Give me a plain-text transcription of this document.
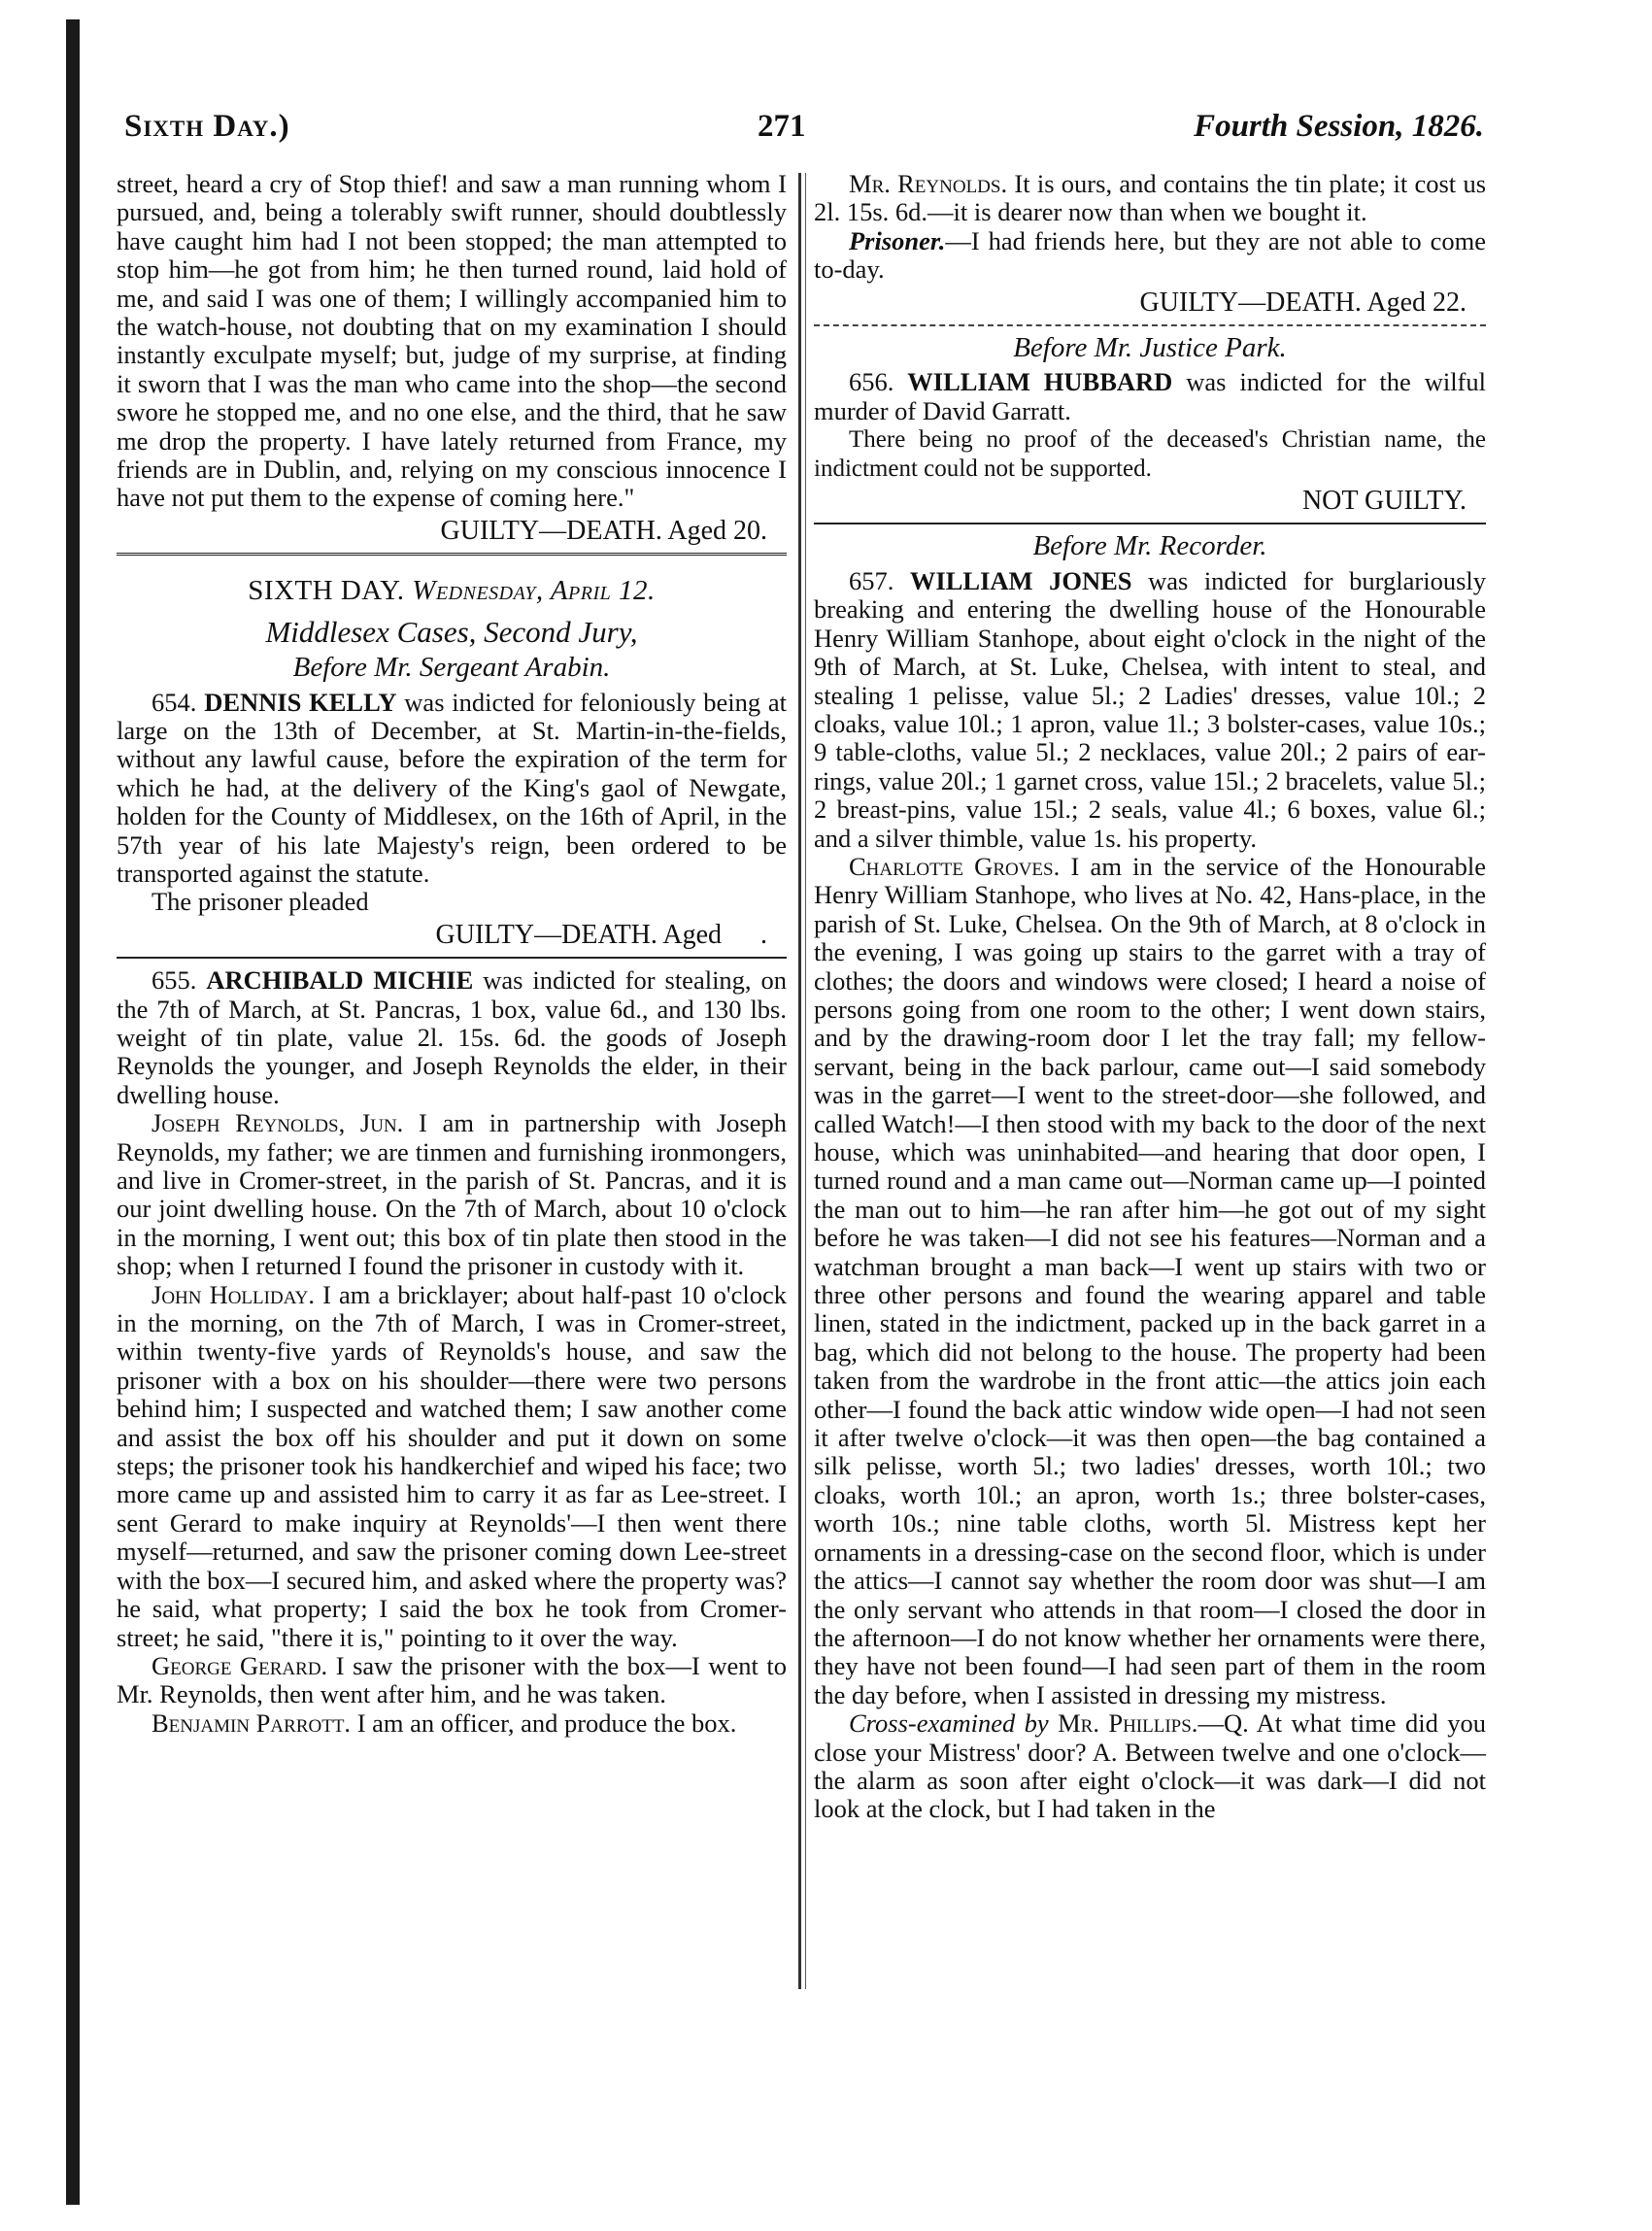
Sixth Day.)	271	Fourth Session, 1826.

street, heard a cry of Stop thief! and saw a man running whom I pursued, and, being a tolerably swift runner, should doubtlessly have caught him had I not been stopped; the man attempted to stop him—he got from him; he then turned round, laid hold of me, and said I was one of them; I willingly accompanied him to the watch-house, not doubting that on my examination I should instantly exculpate myself; but, judge of my surprise, at finding it sworn that I was the man who came into the shop—the second swore he stopped me, and no one else, and the third, that he saw me drop the property. I have lately returned from France, my friends are in Dublin, and, relying on my conscious innocence I have not put them to the expense of coming here."

GUILTY—DEATH. Aged 20.

SIXTH DAY. Wednesday, April 12.

Middlesex Cases, Second Jury,

Before Mr. Sergeant Arabin.

654. DENNIS KELLY was indicted for feloniously being at large on the 13th of December, at St. Martin-in-the-fields, without any lawful cause, before the expiration of the term for which he had, at the delivery of the King's gaol of Newgate, holden for the County of Middlesex, on the 16th of April, in the 57th year of his late Majesty's reign, been ordered to be transported against the statute.

The prisoner pleaded

GUILTY—DEATH. Aged .

655. ARCHIBALD MICHIE was indicted for stealing, on the 7th of March, at St. Pancras, 1 box, value 6d., and 130 lbs. weight of tin plate, value 2l. 15s. 6d. the goods of Joseph Reynolds the younger, and Joseph Reynolds the elder, in their dwelling house.

Joseph Reynolds, Jun. I am in partnership with Joseph Reynolds, my father; we are tinmen and furnishing ironmongers, and live in Cromer-street, in the parish of St. Pancras, and it is our joint dwelling house. On the 7th of March, about 10 o'clock in the morning, I went out; this box of tin plate then stood in the shop; when I returned I found the prisoner in custody with it.

John Holliday. I am a bricklayer; about half-past 10 o'clock in the morning, on the 7th of March, I was in Cromer-street, within twenty-five yards of Reynolds's house, and saw the prisoner with a box on his shoulder—there were two persons behind him; I suspected and watched them; I saw another come and assist the box off his shoulder and put it down on some steps; the prisoner took his handkerchief and wiped his face; two more came up and assisted him to carry it as far as Lee-street. I sent Gerard to make inquiry at Reynolds'—I then went there myself—returned, and saw the prisoner coming down Lee-street with the box—I secured him, and asked where the property was? he said, what property; I said the box he took from Cromer-street; he said, "there it is," pointing to it over the way.

George Gerard. I saw the prisoner with the box—I went to Mr. Reynolds, then went after him, and he was taken.

Benjamin Parrott. I am an officer, and produce the box.

Mr. Reynolds. It is ours, and contains the tin plate; it cost us 2l. 15s. 6d.—it is dearer now than when we bought it.

Prisoner.—I had friends here, but they are not able to come to-day.

GUILTY—DEATH. Aged 22.

Before Mr. Justice Park.

656. WILLIAM HUBBARD was indicted for the wilful murder of David Garratt.

There being no proof of the deceased's Christian name, the indictment could not be supported.

NOT GUILTY.

Before Mr. Recorder.

657. WILLIAM JONES was indicted for burglariously breaking and entering the dwelling house of the Honourable Henry William Stanhope, about eight o'clock in the night of the 9th of March, at St. Luke, Chelsea, with intent to steal, and stealing 1 pelisse, value 5l.; 2 Ladies' dresses, value 10l.; 2 cloaks, value 10l.; 1 apron, value 1l.; 3 bolster-cases, value 10s.; 9 table-cloths, value 5l.; 2 necklaces, value 20l.; 2 pairs of ear-rings, value 20l.; 1 garnet cross, value 15l.; 2 bracelets, value 5l.; 2 breast-pins, value 15l.; 2 seals, value 4l.; 6 boxes, value 6l.; and a silver thimble, value 1s. his property.

Charlotte Groves. I am in the service of the Honourable Henry William Stanhope, who lives at No. 42, Hans-place, in the parish of St. Luke, Chelsea. On the 9th of March, at 8 o'clock in the evening, I was going up stairs to the garret with a tray of clothes; the doors and windows were closed; I heard a noise of persons going from one room to the other; I went down stairs, and by the drawing-room door I let the tray fall; my fellow-servant, being in the back parlour, came out—I said somebody was in the garret—I went to the street-door—she followed, and called Watch!—I then stood with my back to the door of the next house, which was uninhabited—and hearing that door open, I turned round and a man came out—Norman came up—I pointed the man out to him—he ran after him—he got out of my sight before he was taken—I did not see his features—Norman and a watchman brought a man back—I went up stairs with two or three other persons and found the wearing apparel and table linen, stated in the indictment, packed up in the back garret in a bag, which did not belong to the house. The property had been taken from the wardrobe in the front attic—the attics join each other—I found the back attic window wide open—I had not seen it after twelve o'clock—it was then open—the bag contained a silk pelisse, worth 5l.; two ladies' dresses, worth 10l.; two cloaks, worth 10l.; an apron, worth 1s.; three bolster-cases, worth 10s.; nine table cloths, worth 5l. Mistress kept her ornaments in a dressing-case on the second floor, which is under the attics—I cannot say whether the room door was shut—I am the only servant who attends in that room—I closed the door in the afternoon—I do not know whether her ornaments were there, they have not been found—I had seen part of them in the room the day before, when I assisted in dressing my mistress.

Cross-examined by Mr. Phillips.—Q. At what time did you close your Mistress' door? A. Between twelve and one o'clock—the alarm as soon after eight o'clock—it was dark—I did not look at the clock, but I had taken in the
